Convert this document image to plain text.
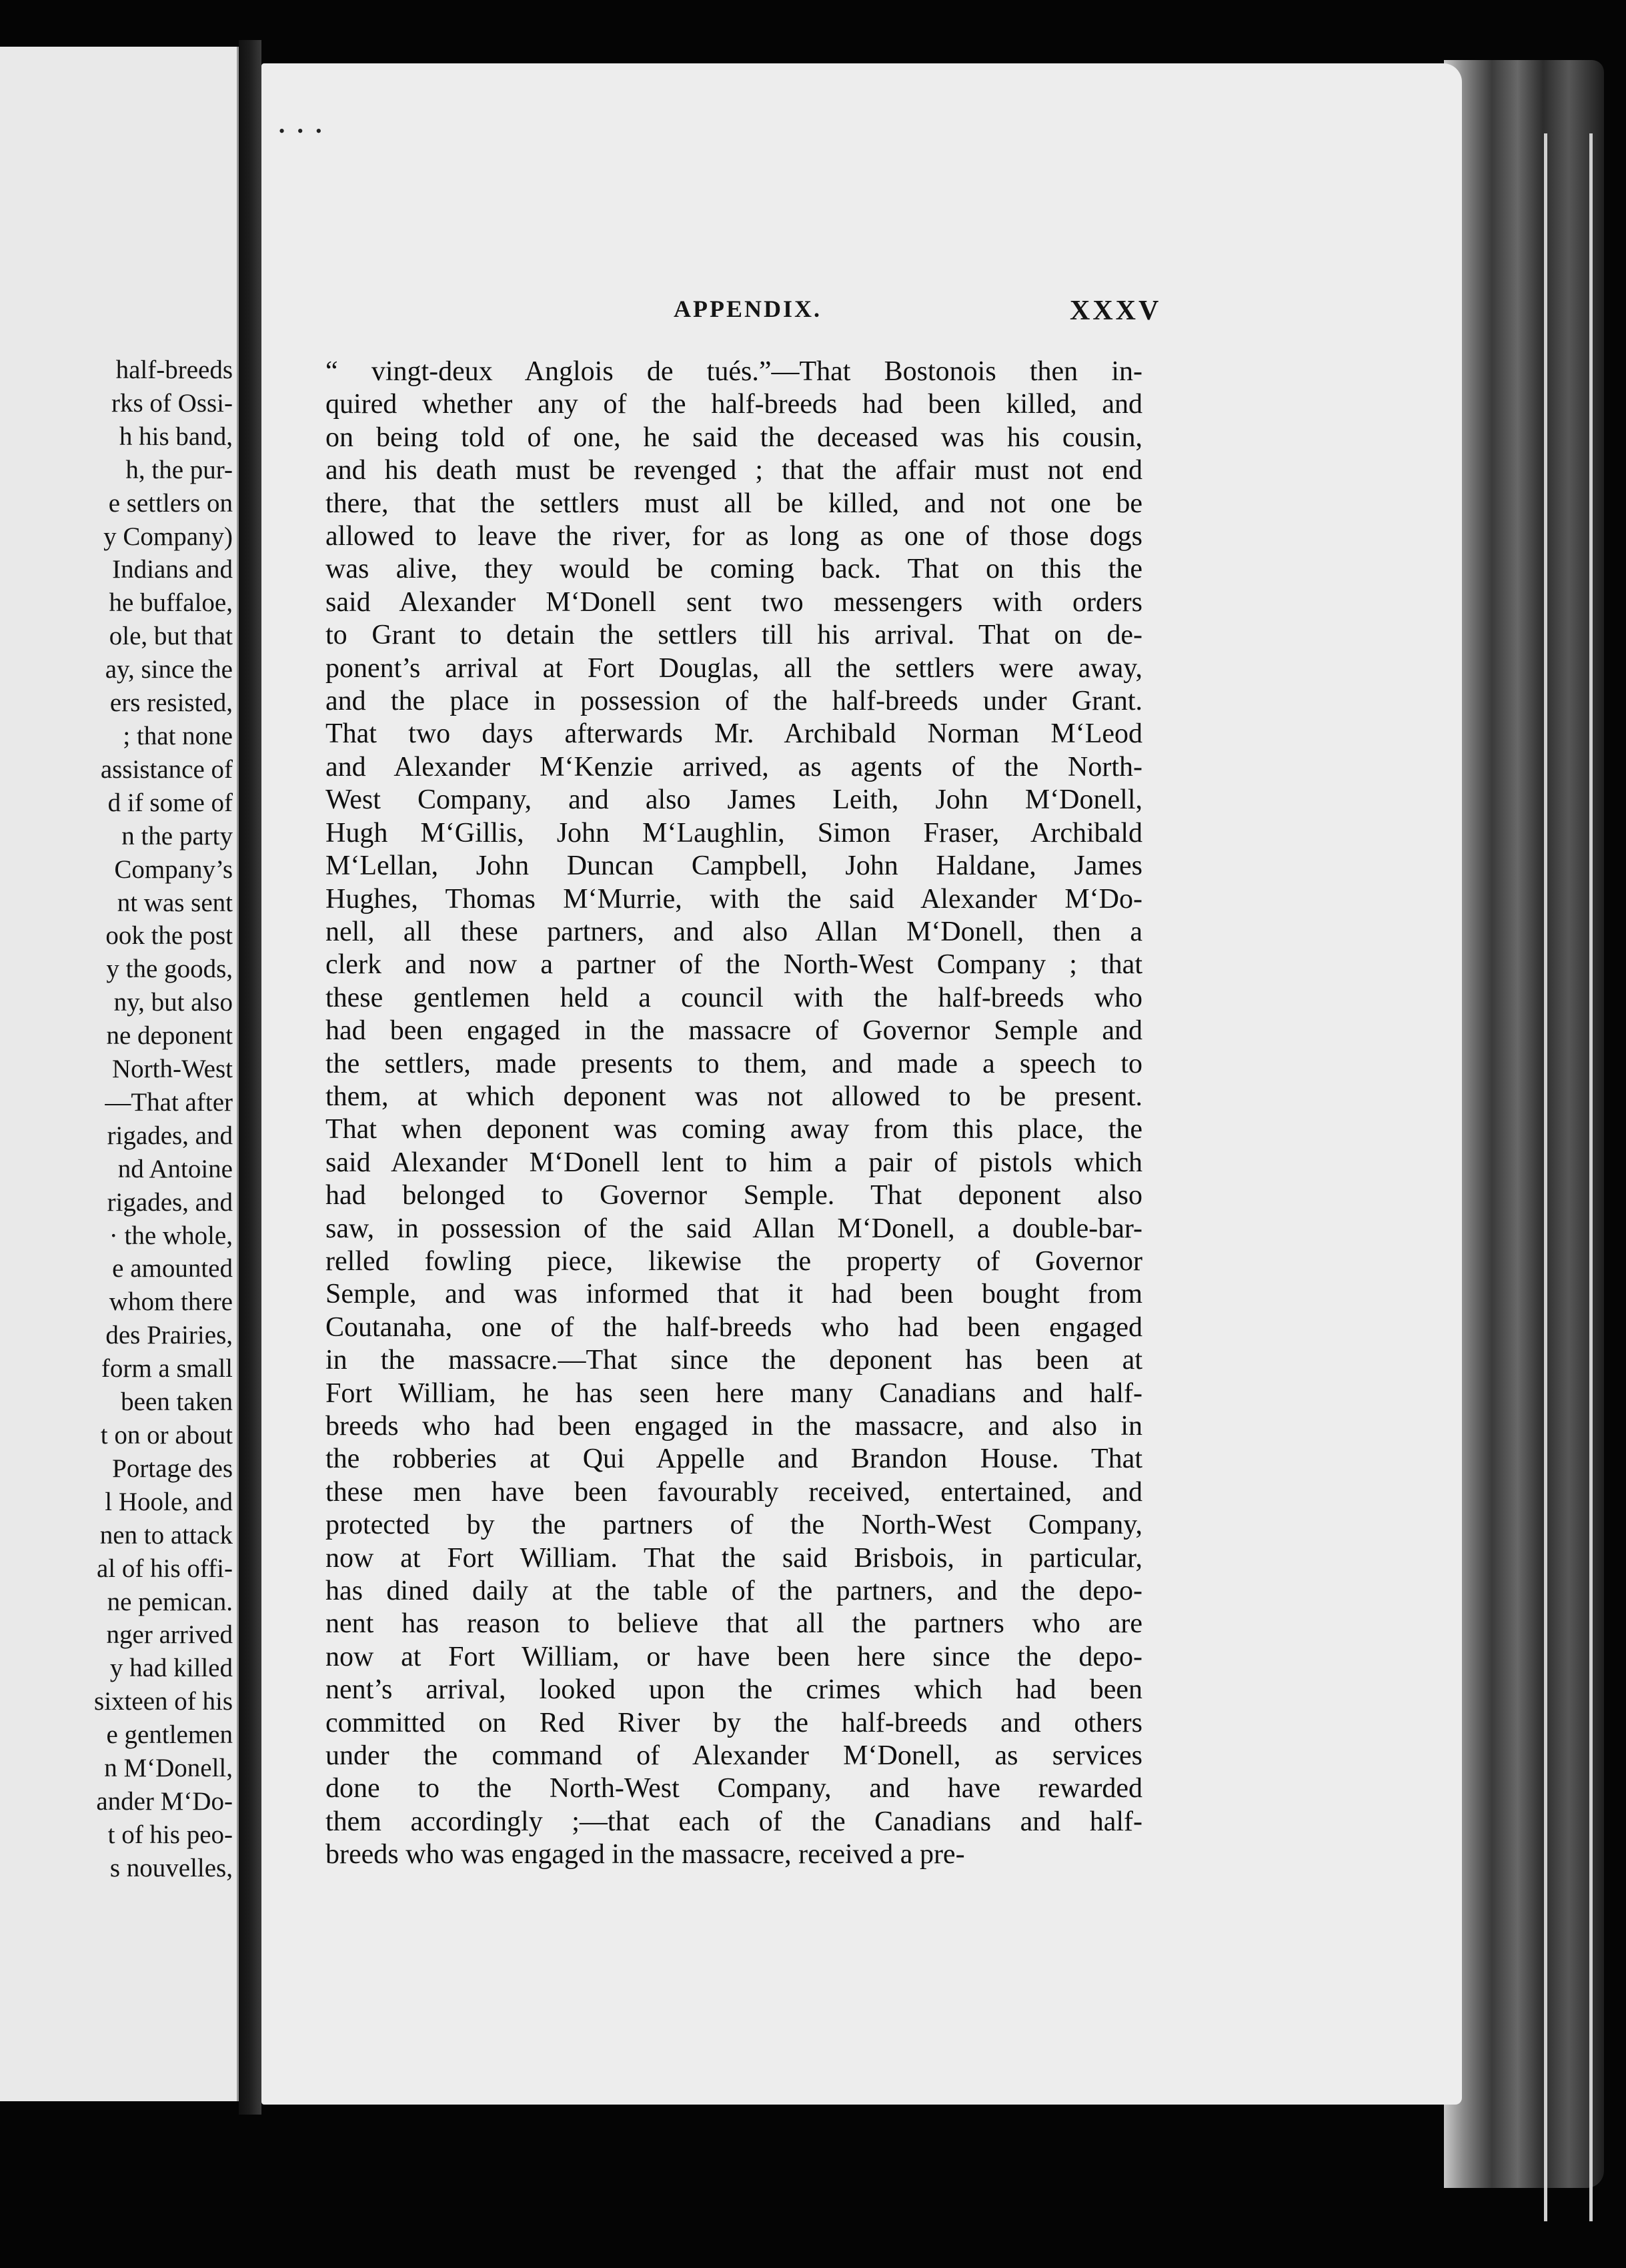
half-breeds
rks of Ossi-
h his band,
h, the pur-
e settlers on
y Company)
Indians and
he buffaloe,
ole, but that
ay, since the
ers resisted,
; that none
assistance of
d if some of
n the party
Company’s
nt was sent
ook the post
y the goods,
ny, but also
ne deponent
North-West
—That after
rigades, and
nd Antoine
rigades, and
· the whole,
e amounted
whom there
des Prairies,
form a small
been taken
t on or about
Portage des
l Hoole, and
nen to attack
al of his offi-
ne pemican.
nger arrived
y had killed
sixteen of his
e gentlemen
n M‘Donell,
ander M‘Do-
t of his peo-
s nouvelles,
• • •
APPENDIX.	XXXV
“ vingt-deux Anglois de tués.”—That Bostonois then in-
quired whether any of the half-breeds had been killed, and
on being told of one, he said the deceased was his cousin,
and his death must be revenged ; that the affair must not end
there, that the settlers must all be killed, and not one be
allowed to leave the river, for as long as one of those dogs
was alive, they would be coming back. That on this the
said Alexander M‘Donell sent two messengers with orders
to Grant to detain the settlers till his arrival. That on de-
ponent’s arrival at Fort Douglas, all the settlers were away,
and the place in possession of the half-breeds under Grant.
That two days afterwards Mr. Archibald Norman M‘Leod
and Alexander M‘Kenzie arrived, as agents of the North-
West Company, and also James Leith, John M‘Donell,
Hugh M‘Gillis, John M‘Laughlin, Simon Fraser, Archibald
M‘Lellan, John Duncan Campbell, John Haldane, James
Hughes, Thomas M‘Murrie, with the said Alexander M‘Do-
nell, all these partners, and also Allan M‘Donell, then a
clerk and now a partner of the North-West Company ; that
these gentlemen held a council with the half-breeds who
had been engaged in the massacre of Governor Semple and
the settlers, made presents to them, and made a speech to
them, at which deponent was not allowed to be present.
That when deponent was coming away from this place, the
said Alexander M‘Donell lent to him a pair of pistols which
had belonged to Governor Semple. That deponent also
saw, in possession of the said Allan M‘Donell, a double-bar-
relled fowling piece, likewise the property of Governor
Semple, and was informed that it had been bought from
Coutanaha, one of the half-breeds who had been engaged
in the massacre.—That since the deponent has been at
Fort William, he has seen here many Canadians and half-
breeds who had been engaged in the massacre, and also in
the robberies at Qui Appelle and Brandon House. That
these men have been favourably received, entertained, and
protected by the partners of the North-West Company,
now at Fort William. That the said Brisbois, in particular,
has dined daily at the table of the partners, and the depo-
nent has reason to believe that all the partners who are
now at Fort William, or have been here since the depo-
nent’s arrival, looked upon the crimes which had been
committed on Red River by the half-breeds and others
under the command of Alexander M‘Donell, as services
done to the North-West Company, and have rewarded
them accordingly ;—that each of the Canadians and half-
breeds who was engaged in the massacre, received a pre-
